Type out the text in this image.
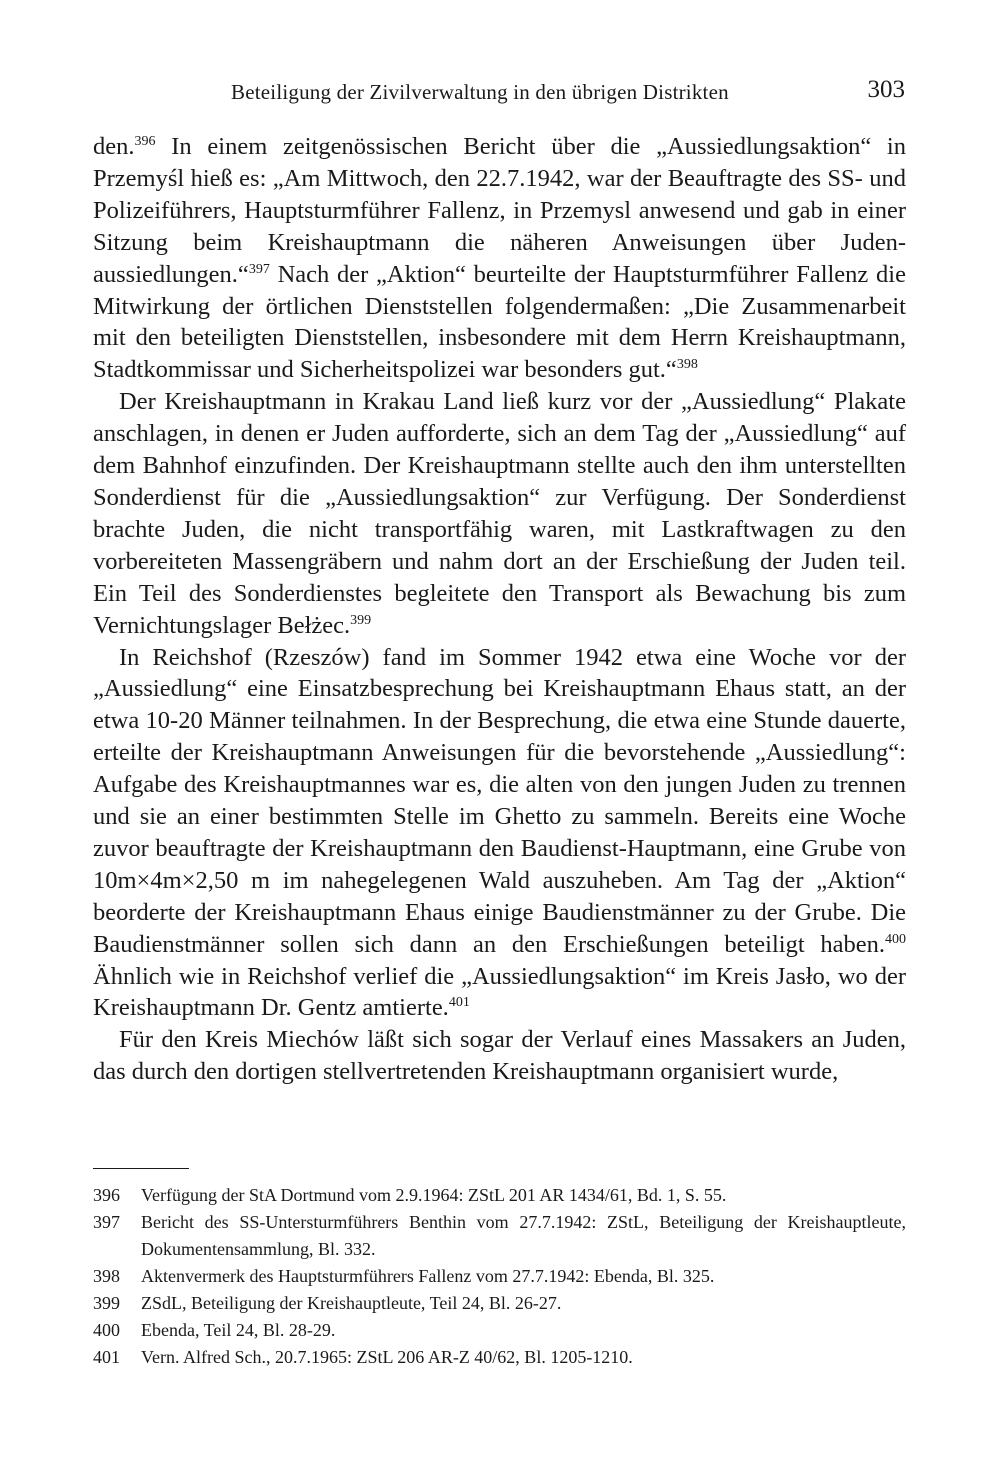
Beteiligung der Zivilverwaltung in den übrigen Distrikten	303

den.$^{396}$ In einem zeitgenössischen Bericht über die „Aussiedlungsaktion“ in Przemyśl hieß es: „Am Mittwoch, den 22.7.1942, war der Beauftragte des SS- und Polizeiführers, Hauptsturmführer Fallenz, in Przemysl anwesend und gab in einer Sitzung beim Kreishauptmann die näheren Anweisungen über Juden-aussiedlungen.“$^{397}$ Nach der „Aktion“ beurteilte der Hauptsturmführer Fallenz die Mitwirkung der örtlichen Dienststellen folgendermaßen: „Die Zusammenarbeit mit den beteiligten Dienststellen, insbesondere mit dem Herrn Kreishauptmann, Stadtkommissar und Sicherheitspolizei war besonders gut.“$^{398}$

Der Kreishauptmann in Krakau Land ließ kurz vor der „Aussiedlung“ Plakate anschlagen, in denen er Juden aufforderte, sich an dem Tag der „Aussiedlung“ auf dem Bahnhof einzufinden. Der Kreishauptmann stellte auch den ihm unterstellten Sonderdienst für die „Aussiedlungsaktion“ zur Verfügung. Der Sonderdienst brachte Juden, die nicht transportfähig waren, mit Lastkraftwagen zu den vorbereiteten Massengräbern und nahm dort an der Erschießung der Juden teil. Ein Teil des Sonderdienstes begleitete den Transport als Bewachung bis zum Vernichtungslager Bełżec.$^{399}$

In Reichshof (Rzeszów) fand im Sommer 1942 etwa eine Woche vor der „Aussiedlung“ eine Einsatzbesprechung bei Kreishauptmann Ehaus statt, an der etwa 10-20 Männer teilnahmen. In der Besprechung, die etwa eine Stunde dauerte, erteilte der Kreishauptmann Anweisungen für die bevorstehende „Aussiedlung“: Aufgabe des Kreishauptmannes war es, die alten von den jungen Juden zu trennen und sie an einer bestimmten Stelle im Ghetto zu sammeln. Bereits eine Woche zuvor beauftragte der Kreishauptmann den Baudienst-Hauptmann, eine Grube von 10m×4m×2,50 m im nahegelegenen Wald auszuheben. Am Tag der „Aktion“ beorderte der Kreishauptmann Ehaus einige Baudienstmänner zu der Grube. Die Baudienstmänner sollen sich dann an den Erschießungen beteiligt haben.$^{400}$ Ähnlich wie in Reichshof verlief die „Aussiedlungsaktion“ im Kreis Jasło, wo der Kreishauptmann Dr. Gentz amtierte.$^{401}$

Für den Kreis Miechów läßt sich sogar der Verlauf eines Massakers an Juden, das durch den dortigen stellvertretenden Kreishauptmann organisiert wurde,

396 Verfügung der StA Dortmund vom 2.9.1964: ZStL 201 AR 1434/61, Bd. 1, S. 55.
397 Bericht des SS-Untersturmführers Benthin vom 27.7.1942: ZStL, Beteiligung der Kreishauptleute, Dokumentensammlung, Bl. 332.
398 Aktenvermerk des Hauptsturmführers Fallenz vom 27.7.1942: Ebenda, Bl. 325.
399 ZSdL, Beteiligung der Kreishauptleute, Teil 24, Bl. 26-27.
400 Ebenda, Teil 24, Bl. 28-29.
401 Vern. Alfred Sch., 20.7.1965: ZStL 206 AR-Z 40/62, Bl. 1205-1210.
